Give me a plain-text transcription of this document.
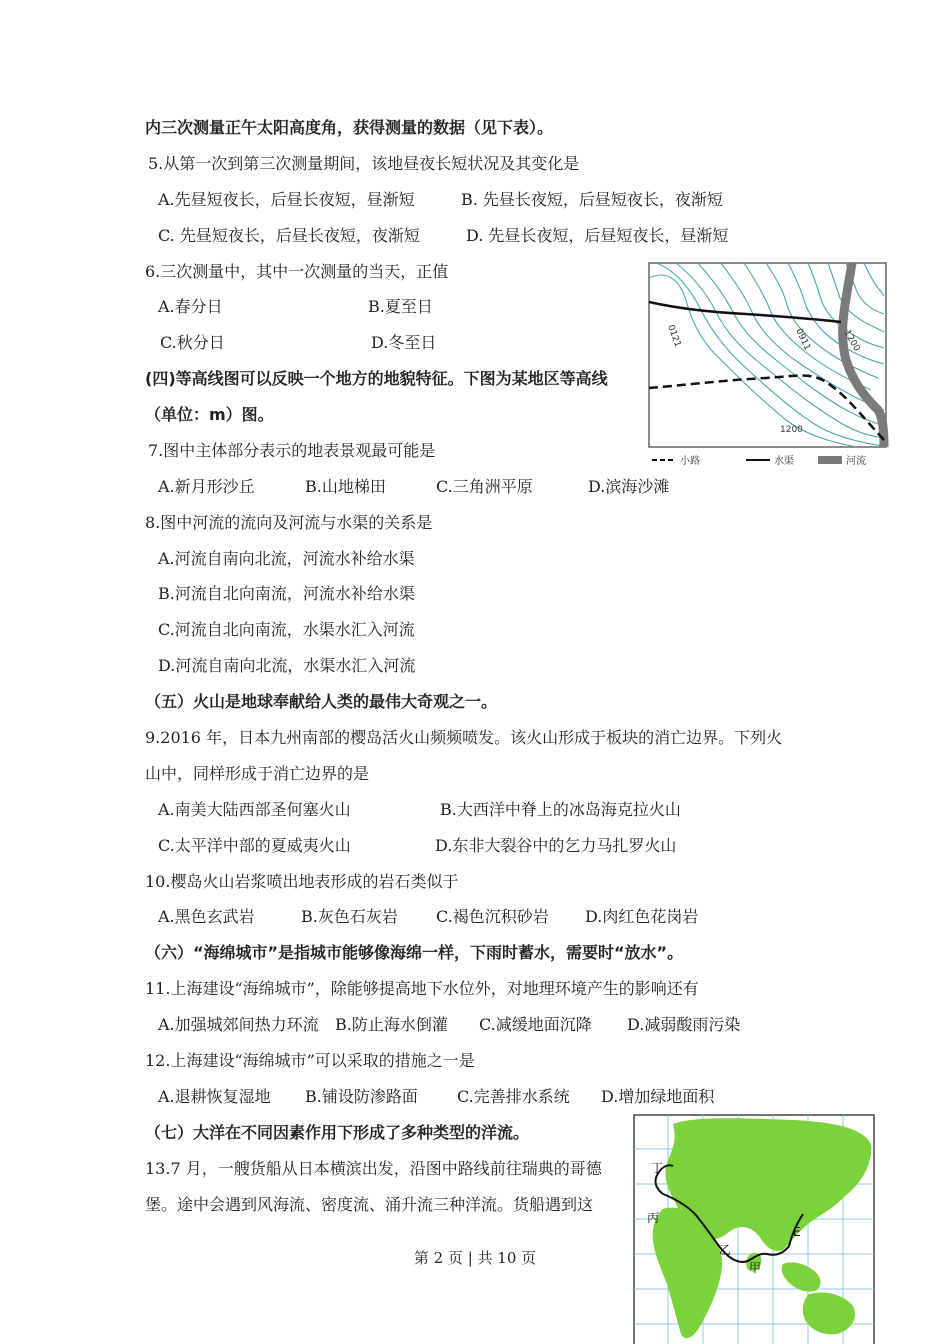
内三次测量正午太阳高度角，获得测量的数据（见下表）。
5.从第一次到第三次测量期间，该地昼夜长短状况及其变化是
A.先昼短夜长，后昼长夜短，昼渐短	B. 先昼长夜短，后昼短夜长，夜渐短
C. 先昼短夜长，后昼长夜短，夜渐短	D. 先昼长夜短，后昼短夜长，昼渐短
6.三次测量中，其中一次测量的当天，正值
A.春分日	B.夏至日
C.秋分日	D.冬至日
(四)等高线图可以反映一个地方的地貌特征。下图为某地区等高线
（单位：m）图。
7.图中主体部分表示的地表景观最可能是
A.新月形沙丘	B.山地梯田	C.三角洲平原	D.滨海沙滩
8.图中河流的流向及河流与水渠的关系是
A.河流自南向北流，河流水补给水渠
B.河流自北向南流，河流水补给水渠
C.河流自北向南流，水渠水汇入河流
D.河流自南向北流，水渠水汇入河流
（五）火山是地球奉献给人类的最伟大奇观之一。
9.2016 年，日本九州南部的樱岛活火山频频喷发。该火山形成于板块的消亡边界。下列火
山中，同样形成于消亡边界的是
A.南美大陆西部圣何塞火山	B.大西洋中脊上的冰岛海克拉火山
C.太平洋中部的夏威夷火山	D.东非大裂谷中的乞力马扎罗火山
10.樱岛火山岩浆喷出地表形成的岩石类似于
A.黑色玄武岩	B.灰色石灰岩 C.褐色沉积砂岩 D.肉红色花岗岩
（六）“海绵城市”是指城市能够像海绵一样，下雨时蓄水，需要时“放水”。
11.上海建设“海绵城市”，除能够提高地下水位外，对地理环境产生的影响还有
A.加强城郊间热力环流 B.防止海水倒灌 C.减缓地面沉降 D.减弱酸雨污染
12.上海建设“海绵城市”可以采取的措施之一是
A.退耕恢复湿地 B.铺设防渗路面 C.完善排水系统 D.增加绿地面积
（七）大洋在不同因素作用下形成了多种类型的洋流。
13.7 月，一艘货船从日本横滨出发，沿图中路线前往瑞典的哥德
堡。途中会遇到风海流、密度流、涌升流三种洋流。货船遇到这
第 2 页 | 共 10 页
0121	0911	1200
1200
小路	水渠	河流
丁
丙
乙
甲
E
